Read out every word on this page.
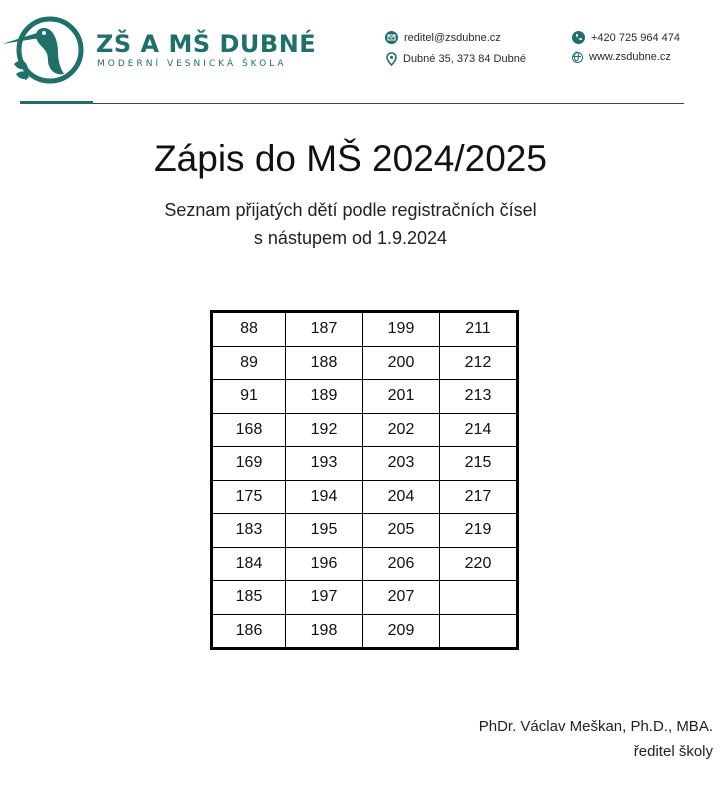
ZŠ A MŠ DUBNÉ
MODERNÍ VESNICKÁ ŠKOLA
reditel@zsdubne.cz
Dubné 35, 373 84 Dubné
+420 725 964 474
www.zsdubne.cz
Zápis do MŠ 2024/2025
Seznam přijatých dětí podle registračních čísel
s nástupem od 1.9.2024
88	187	199	211
89	188	200	212
91	189	201	213
168	192	202	214
169	193	203	215
175	194	204	217
183	195	205	219
184	196	206	220
185	197	207	
186	198	209	
PhDr. Václav Meškan, Ph.D., MBA.
ředitel školy
